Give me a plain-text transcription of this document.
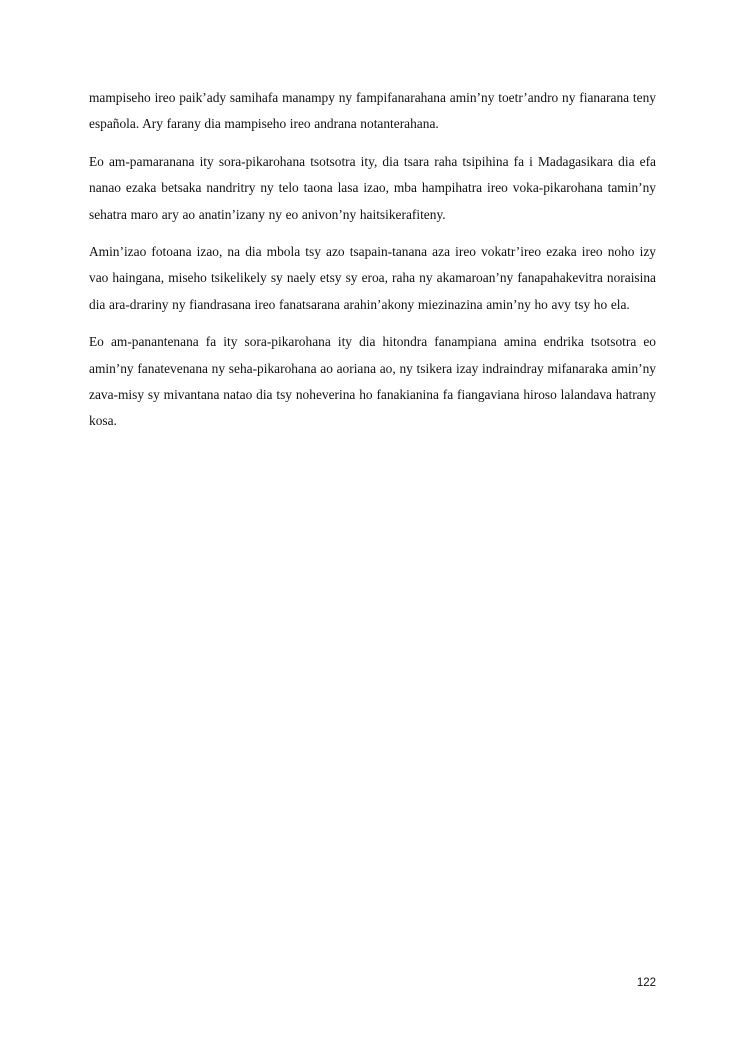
mampiseho ireo paik’ady samihafa manampy ny fampifanarahana amin’ny toetr’andro ny fianarana teny española. Ary farany dia mampiseho ireo andrana notanterahana.

Eo am-pamaranana ity sora-pikarohana tsotsotra ity, dia tsara raha tsipihina fa i Madagasikara dia efa nanao ezaka betsaka nandritry ny telo taona lasa izao, mba hampihatra ireo voka-pikarohana tamin’ny sehatra maro ary ao anatin’izany ny eo anivon’ny haitsikerafiteny.

Amin’izao fotoana izao, na dia mbola tsy azo tsapain-tanana aza ireo vokatr’ireo ezaka ireo noho izy vao haingana, miseho tsikelikely sy naely etsy sy eroa, raha ny akamaroan’ny fanapahakevitra noraisina dia ara-drariny ny fiandrasana ireo fanatsarana arahin’akony miezinazina amin’ny ho avy tsy ho ela.

Eo am-panantenana fa ity sora-pikarohana ity dia hitondra fanampiana amina endrika tsotsotra eo amin’ny fanatevenana ny seha-pikarohana ao aoriana ao, ny tsikera izay indraindray mifanaraka amin’ny zava-misy sy mivantana natao dia tsy noheverina ho fanakianina fa fiangaviana hiroso lalandava hatrany kosa.

122
